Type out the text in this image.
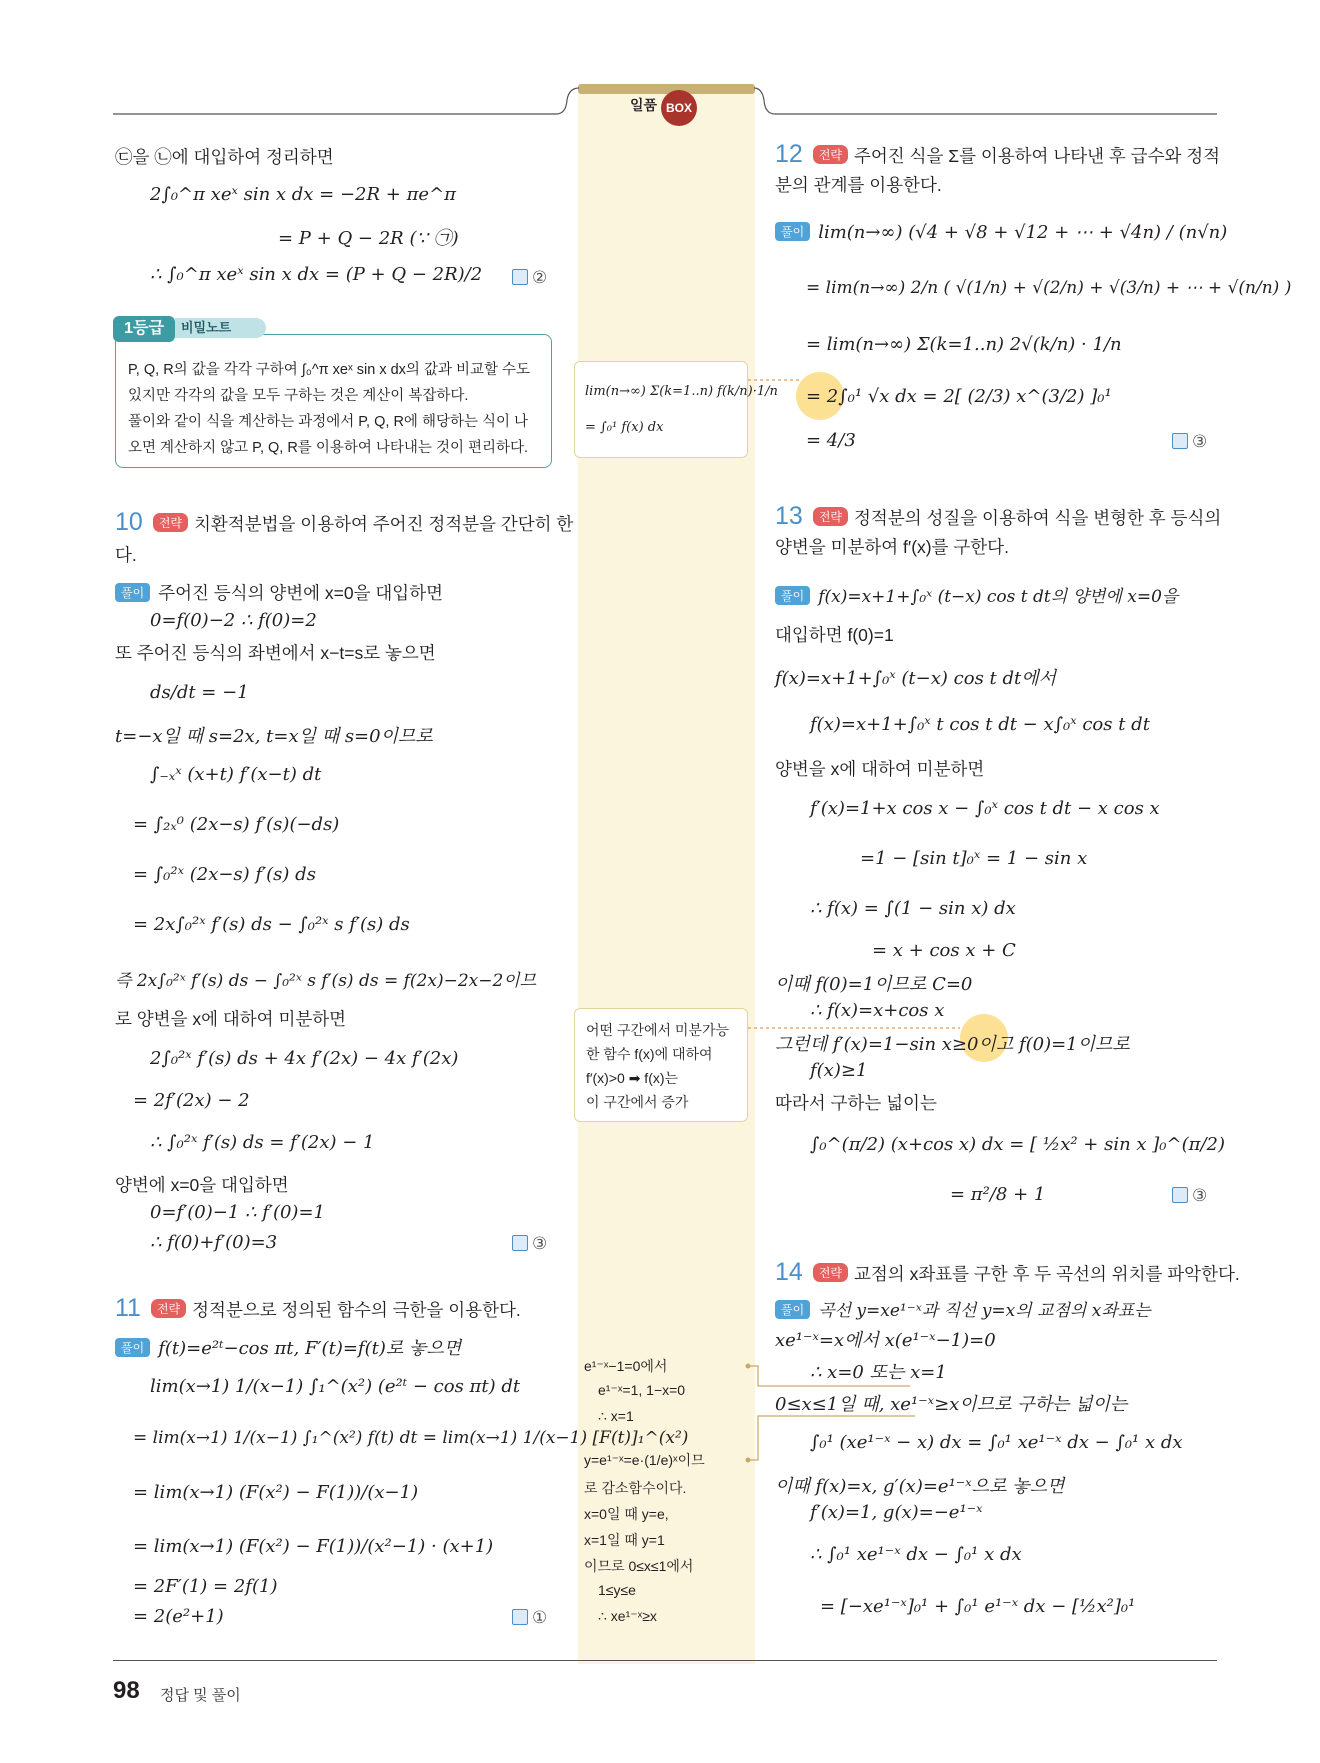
일품 BOX
㉢을 ㉡에 대입하여 정리하면
2∫₀^π xeˣ sin x dx = −2R + πe^π
= P + Q − 2R (∵ ㉠)
∴ ∫₀^π xeˣ sin x dx = (P + Q − 2R)/2	②
1등급	비밀노트
P, Q, R의 값을 각각 구하여 ∫₀^π xeˣ sin x dx의 값과 비교할 수도
있지만 각각의 값을 모두 구하는 것은 계산이 복잡하다.
풀이와 같이 식을 계산하는 과정에서 P, Q, R에 해당하는 식이 나
오면 계산하지 않고 P, Q, R를 이용하여 나타내는 것이 편리하다.
10 전략 치환적분법을 이용하여 주어진 정적분을 간단히 한
다.
풀이 주어진 등식의 양변에 x=0을 대입하면
0=f(0)−2 ∴ f(0)=2
또 주어진 등식의 좌변에서 x−t=s로 놓으면
ds/dt = −1
t=−x일 때 s=2x, t=x일 때 s=0이므로
∫₋ₓˣ (x+t) f′(x−t) dt
= ∫₂ₓ⁰ (2x−s) f′(s)(−ds)
= ∫₀²ˣ (2x−s) f′(s) ds
= 2x∫₀²ˣ f′(s) ds − ∫₀²ˣ s f′(s) ds
즉 2x∫₀²ˣ f′(s) ds − ∫₀²ˣ s f′(s) ds = f(2x)−2x−2이므
로 양변을 x에 대하여 미분하면
2∫₀²ˣ f′(s) ds + 4x f′(2x) − 4x f′(2x)
= 2f′(2x) − 2
∴ ∫₀²ˣ f′(s) ds = f′(2x) − 1
양변에 x=0을 대입하면
0=f′(0)−1 ∴ f′(0)=1
∴ f(0)+f′(0)=3	③
11 전략 정적분으로 정의된 함수의 극한을 이용한다.
풀이 f(t)=e²ᵗ−cos πt, F′(t)=f(t)로 놓으면
lim(x→1) 1/(x−1) ∫₁^(x²) (e²ᵗ − cos πt) dt
= lim(x→1) 1/(x−1) ∫₁^(x²) f(t) dt = lim(x→1) 1/(x−1) [F(t)]₁^(x²)
= lim(x→1) (F(x²) − F(1))/(x−1)
= lim(x→1) (F(x²) − F(1))/(x²−1) · (x+1)
= 2F′(1) = 2f(1)
= 2(e²+1)	①
lim(n→∞) Σ(k=1..n) f(k/n)·1/n
= ∫₀¹ f(x) dx
어떤 구간에서 미분가능
한 함수 f(x)에 대하여
f′(x)>0 ➡ f(x)는
이 구간에서 증가
e¹⁻ˣ−1=0에서
e¹⁻ˣ=1, 1−x=0
∴ x=1
y=e¹⁻ˣ=e·(1/e)ˣ이므
로 감소함수이다.
x=0일 때 y=e,
x=1일 때 y=1
이므로 0≤x≤1에서
1≤y≤e
∴ xe¹⁻ˣ≥x
12 전략 주어진 식을 Σ를 이용하여 나타낸 후 급수와 정적
분의 관계를 이용한다.
풀이 lim(n→∞) (√4 + √8 + √12 + ⋯ + √4n) / (n√n)
= lim(n→∞) 2/n ( √(1/n) + √(2/n) + √(3/n) + ⋯ + √(n/n) )
= lim(n→∞) Σ(k=1..n) 2√(k/n) · 1/n
= 2∫₀¹ √x dx = 2[ (2/3) x^(3/2) ]₀¹
= 4/3	③
13 전략 정적분의 성질을 이용하여 식을 변형한 후 등식의
양변을 미분하여 f′(x)를 구한다.
풀이 f(x)=x+1+∫₀ˣ (t−x) cos t dt의 양변에 x=0을
대입하면 f(0)=1
f(x)=x+1+∫₀ˣ (t−x) cos t dt에서
f(x)=x+1+∫₀ˣ t cos t dt − x∫₀ˣ cos t dt
양변을 x에 대하여 미분하면
f′(x)=1+x cos x − ∫₀ˣ cos t dt − x cos x
=1 − [sin t]₀ˣ = 1 − sin x
∴ f(x) = ∫(1 − sin x) dx
= x + cos x + C
이때 f(0)=1이므로 C=0
∴ f(x)=x+cos x
그런데 f′(x)=1−sin x≥0이고 f(0)=1이므로
f(x)≥1
따라서 구하는 넓이는
∫₀^(π/2) (x+cos x) dx = [ ½x² + sin x ]₀^(π/2)
= π²/8 + 1	③
14 전략 교점의 x좌표를 구한 후 두 곡선의 위치를 파악한다.
풀이 곡선 y=xe¹⁻ˣ과 직선 y=x의 교점의 x좌표는
xe¹⁻ˣ=x에서 x(e¹⁻ˣ−1)=0
∴ x=0 또는 x=1
0≤x≤1일 때, xe¹⁻ˣ≥x이므로 구하는 넓이는
∫₀¹ (xe¹⁻ˣ − x) dx = ∫₀¹ xe¹⁻ˣ dx − ∫₀¹ x dx
이때 f(x)=x, g′(x)=e¹⁻ˣ으로 놓으면
f′(x)=1, g(x)=−e¹⁻ˣ
∴ ∫₀¹ xe¹⁻ˣ dx − ∫₀¹ x dx
= [−xe¹⁻ˣ]₀¹ + ∫₀¹ e¹⁻ˣ dx − [½x²]₀¹
98 정답 및 풀이
